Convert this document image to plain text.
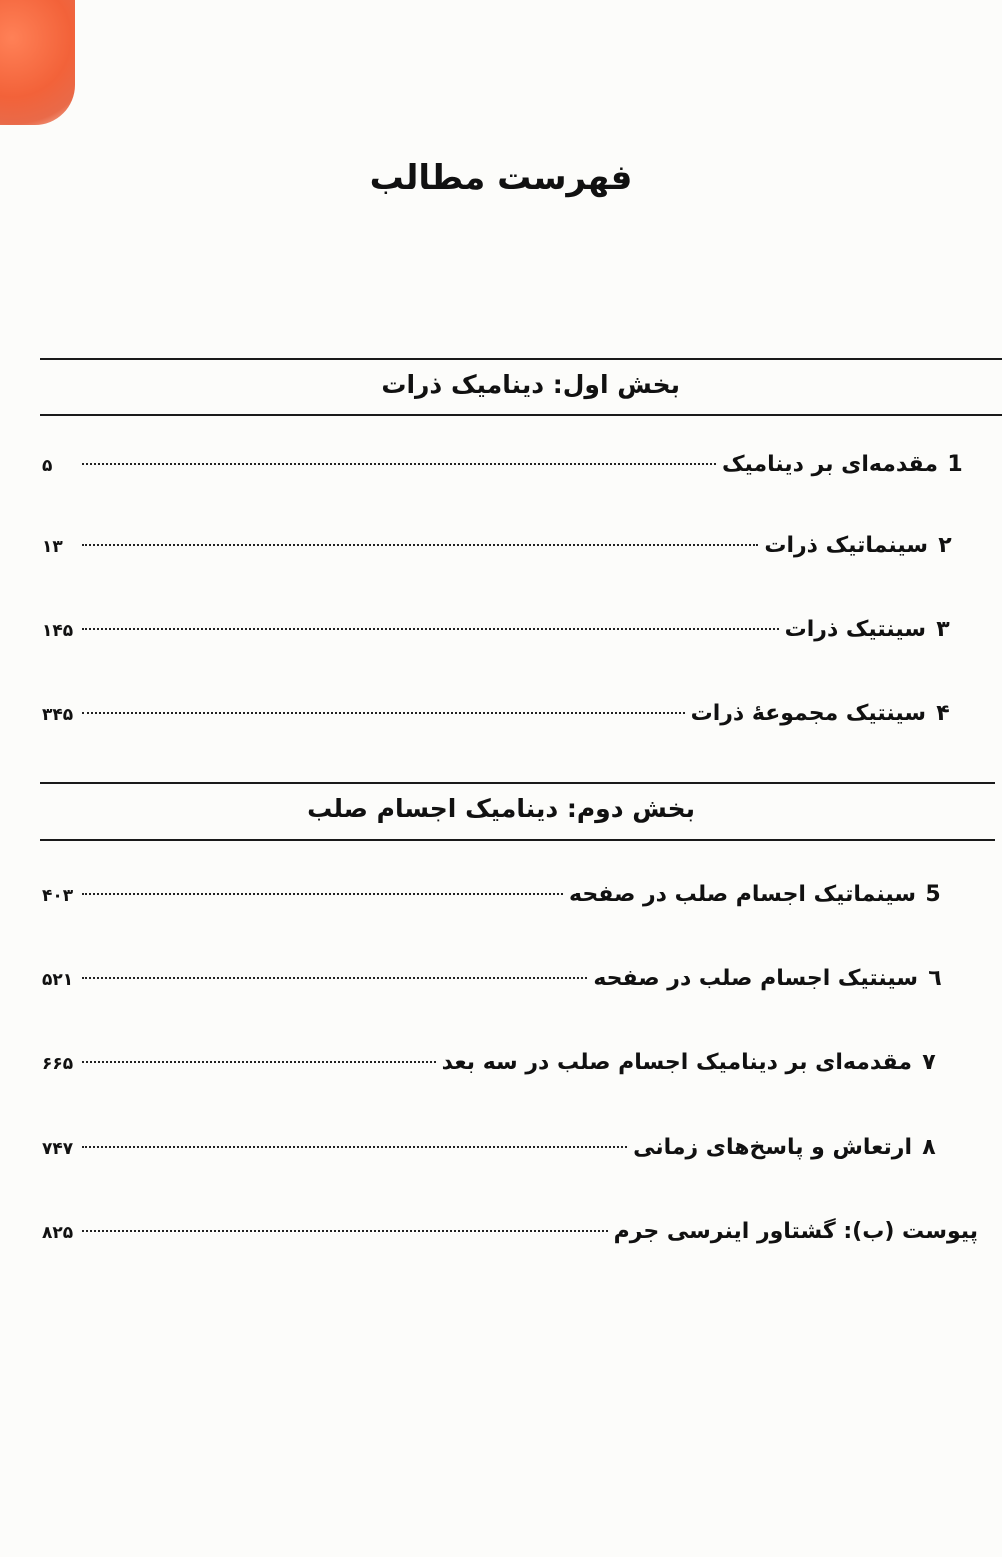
فهرست مطالب
بخش اول: دینامیک ذرات
1
مقدمه‌ای بر دینامیک
۵
۲
سینماتیک ذرات
۱۳
۳
سینتیک ذرات
۱۴۵
۴
سینتیک مجموعهٔ ذرات
۳۴۵
بخش دوم: دینامیک اجسام صلب
5
سینماتیک اجسام صلب در صفحه
۴۰۳
٦
سینتیک اجسام صلب در صفحه
۵۲۱
۷
مقدمه‌ای بر دینامیک اجسام صلب در سه بعد
۶۶۵
۸
ارتعاش و پاسخ‌های زمانی
۷۴۷
پیوست (ب): گشتاور اینرسی جرم
۸۲۵
